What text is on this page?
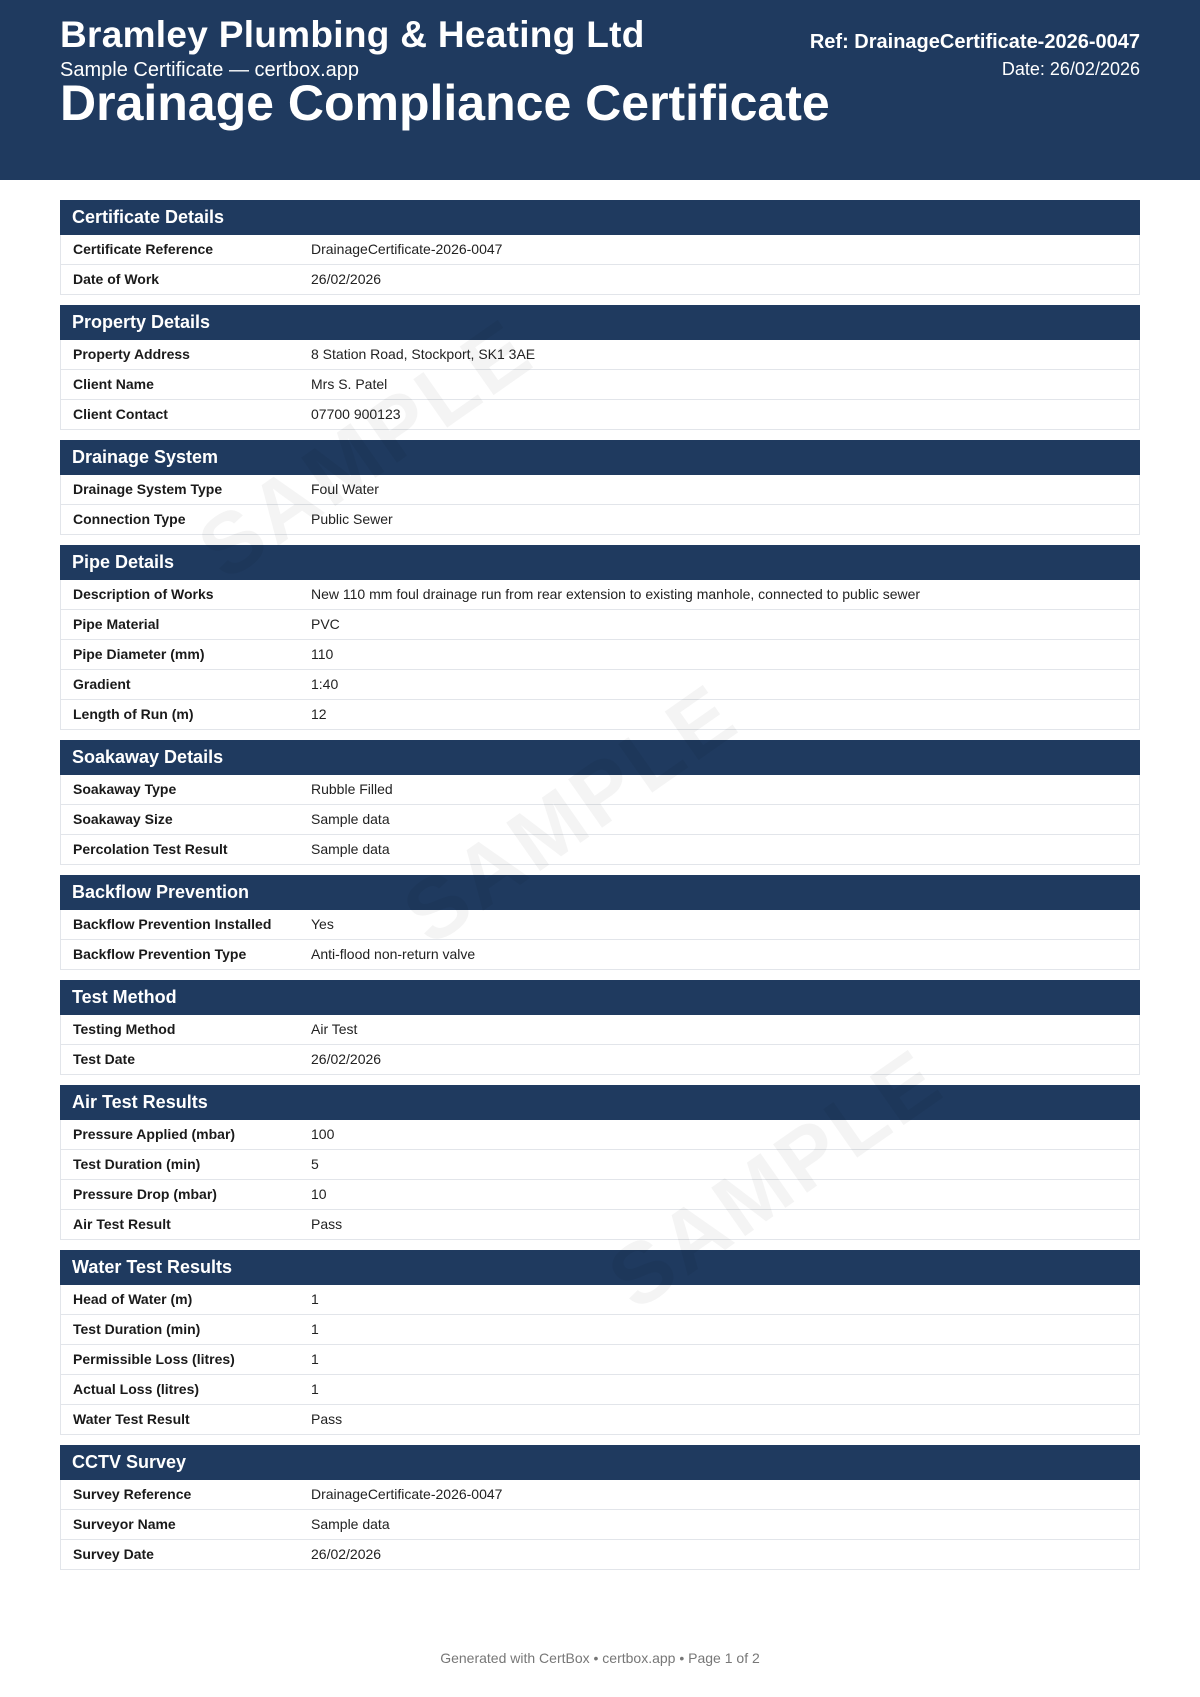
Bramley Plumbing & Heating Ltd
Sample Certificate — certbox.app
Drainage Compliance Certificate
Ref: DrainageCertificate-2026-0047
Date: 26/02/2026
Certificate Details
Certificate Reference	DrainageCertificate-2026-0047
Date of Work	26/02/2026
Property Details
Property Address	8 Station Road, Stockport, SK1 3AE
Client Name	Mrs S. Patel
Client Contact	07700 900123
Drainage System
Drainage System Type	Foul Water
Connection Type	Public Sewer
Pipe Details
Description of Works	New 110 mm foul drainage run from rear extension to existing manhole, connected to public sewer
Pipe Material	PVC
Pipe Diameter (mm)	110
Gradient	1:40
Length of Run (m)	12
Soakaway Details
Soakaway Type	Rubble Filled
Soakaway Size	Sample data
Percolation Test Result	Sample data
Backflow Prevention
Backflow Prevention Installed	Yes
Backflow Prevention Type	Anti-flood non-return valve
Test Method
Testing Method	Air Test
Test Date	26/02/2026
Air Test Results
Pressure Applied (mbar)	100
Test Duration (min)	5
Pressure Drop (mbar)	10
Air Test Result	Pass
Water Test Results
Head of Water (m)	1
Test Duration (min)	1
Permissible Loss (litres)	1
Actual Loss (litres)	1
Water Test Result	Pass
CCTV Survey
Survey Reference	DrainageCertificate-2026-0047
Surveyor Name	Sample data
Survey Date	26/02/2026
Generated with CertBox • certbox.app • Page 1 of 2
